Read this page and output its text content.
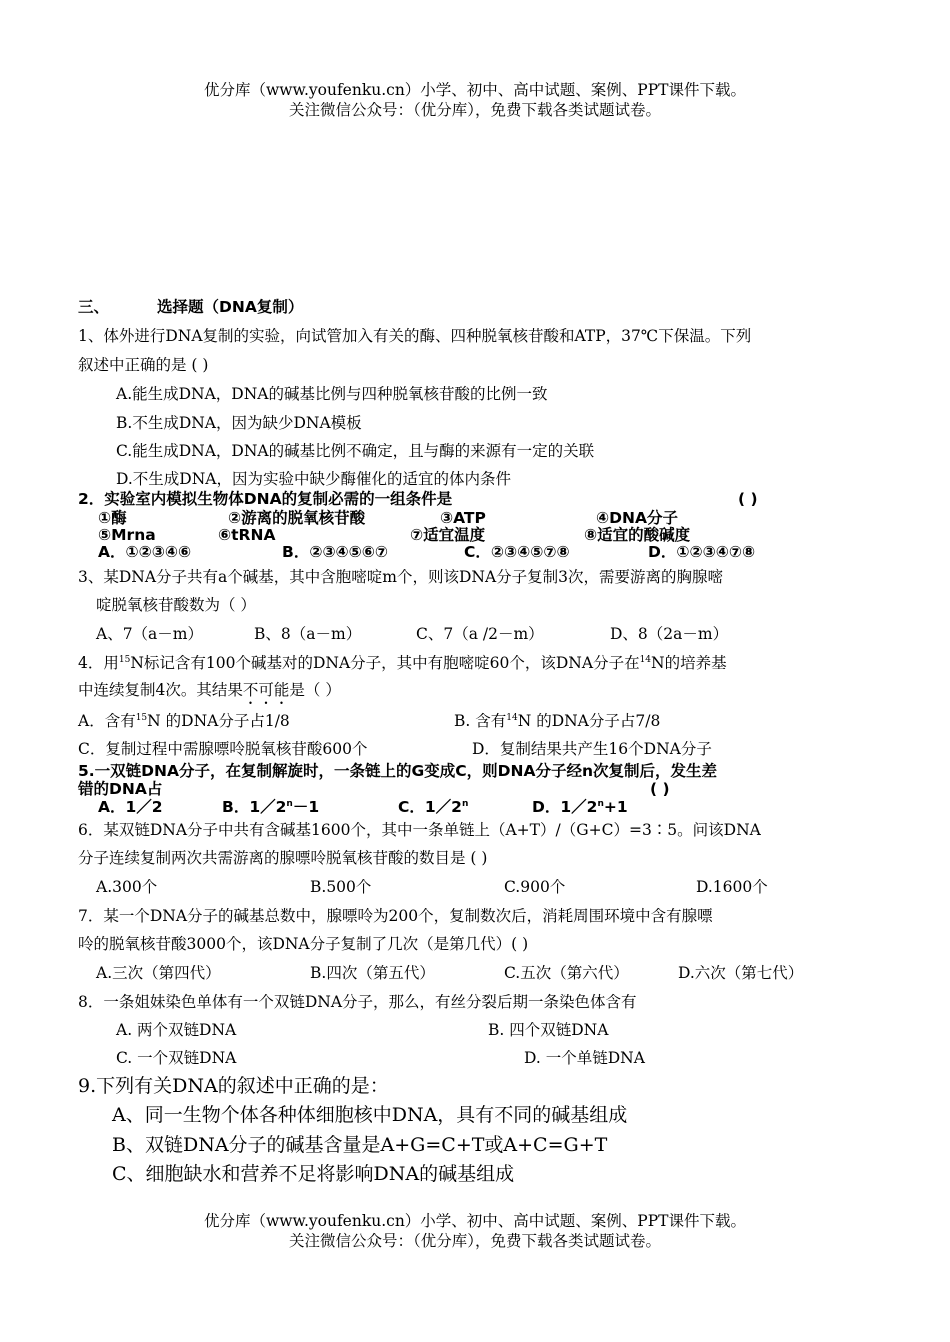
优分库（www.youfenku.cn）小学、初中、高中试题、案例、PPT课件下载。
关注微信公众号：（优分库），免费下载各类试题试卷。
三、	选择题（DNA复制）
1、体外进行DNA复制的实验，向试管加入有关的酶、四种脱氧核苷酸和ATP，37℃下保温。下列
叙述中正确的是 ( )
A.能生成DNA，DNA的碱基比例与四种脱氧核苷酸的比例一致
B.不生成DNA，因为缺少DNA模板
C.能生成DNA，DNA的碱基比例不确定，且与酶的来源有一定的关联
D.不生成DNA，因为实验中缺少酶催化的适宜的体内条件
2．实验室内模拟生物体DNA的复制必需的一组条件是	( )
①酶	②游离的脱氧核苷酸	③ATP	④DNA分子
⑤Mrna	⑥tRNA	⑦适宜温度	⑧适宜的酸碱度
A．①②③④⑥	B．②③④⑤⑥⑦	C．②③④⑤⑦⑧	D．①②③④⑦⑧
3、某DNA分子共有a个碱基，其中含胞嘧啶m个，则该DNA分子复制3次，需要游离的胸腺嘧
啶脱氧核苷酸数为（ ）
A、7（a－m）	B、8（a－m）	C、7（a /2－m）	D、8（2a－m）
4．用$^{15}$N标记含有100个碱基对的DNA分子，其中有胞嘧啶60个，该DNA分子在$^{14}$N的培养基
中连续复制4次。其结果不可能是（ ）
A．含有$^{15}$N 的DNA分子占1/8	B. 含有$^{14}$N 的DNA分子占7/8
C．复制过程中需腺嘌呤脱氧核苷酸600个	D．复制结果共产生16个DNA分子
5.一双链DNA分子，在复制解旋时，一条链上的G变成C，则DNA分子经n次复制后，发生差
错的DNA占	( )
A．1／2	B．$1/2^n-1$	C．1／2$^n$	D．$1/2^n+1$
6．某双链DNA分子中共有含碱基1600个，其中一条单链上（A+T）/（G+C）=3∶5。问该DNA
分子连续复制两次共需游离的腺嘌呤脱氧核苷酸的数目是 ( )
A.300个	B.500个	C.900个	D.1600个
7．某一个DNA分子的碱基总数中，腺嘌呤为200个，复制数次后，消耗周围环境中含有腺嘌
呤的脱氧核苷酸3000个，该DNA分子复制了几次（是第几代）( )
A.三次（第四代）	B.四次（第五代）	C.五次（第六代）	D.六次（第七代）
8．一条姐妹染色单体有一个双链DNA分子，那么，有丝分裂后期一条染色体含有
A. 两个双链DNA	B. 四个双链DNA
C. 一个双链DNA	D. 一个单链DNA
9.下列有关DNA的叙述中正确的是：
A、同一生物个体各种体细胞核中DNA，具有不同的碱基组成
B、双链DNA分子的碱基含量是A+G=C+T或A+C=G+T
C、细胞缺水和营养不足将影响DNA的碱基组成
优分库（www.youfenku.cn）小学、初中、高中试题、案例、PPT课件下载。
关注微信公众号：（优分库），免费下载各类试题试卷。
